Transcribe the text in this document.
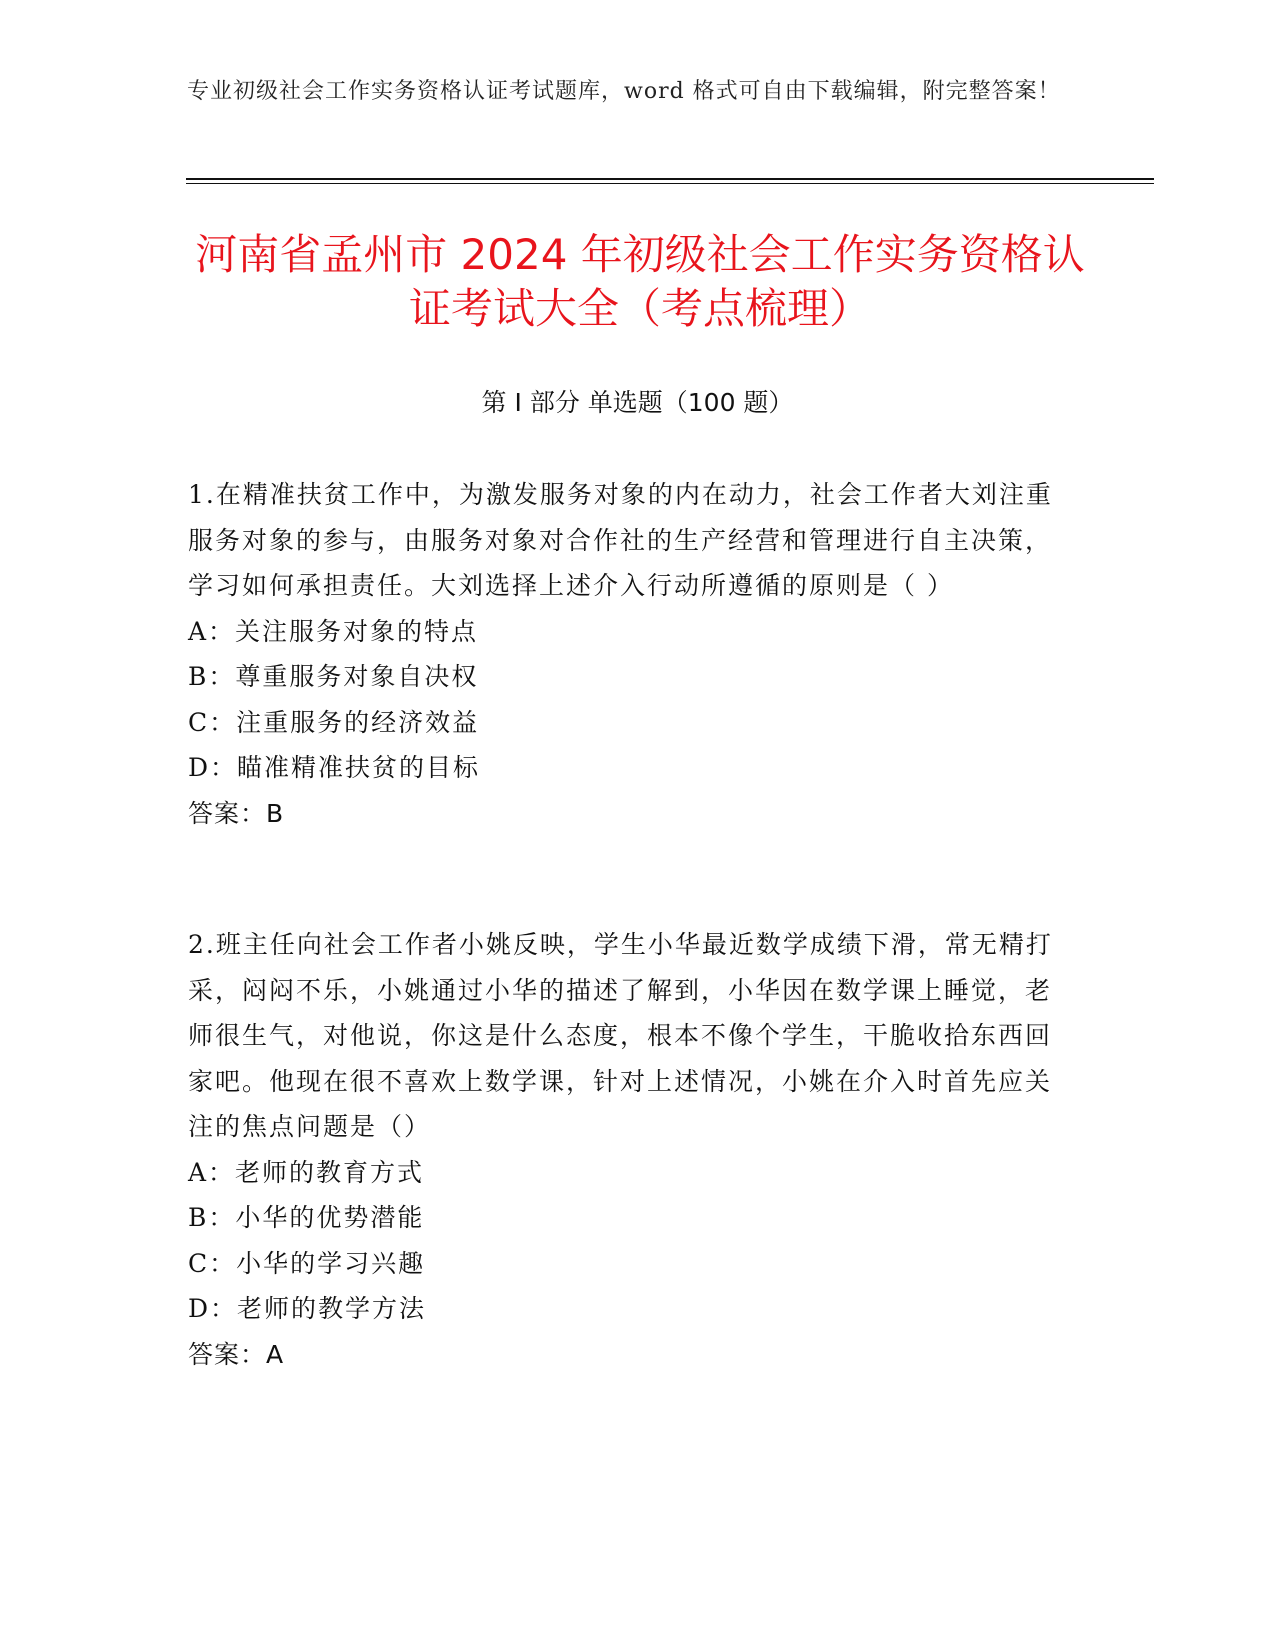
专业初级社会工作实务资格认证考试题库，word 格式可自由下载编辑，附完整答案！
河南省孟州市 2024 年初级社会工作实务资格认证考试大全（考点梳理）
第 I 部分 单选题（100 题）

1.在精准扶贫工作中，为激发服务对象的内在动力，社会工作者大刘注重服务对象的参与，由服务对象对合作社的生产经营和管理进行自主决策，学习如何承担责任。大刘选择上述介入行动所遵循的原则是（ ）

A：关注服务对象的特点

B：尊重服务对象自决权

C：注重服务的经济效益

D：瞄准精准扶贫的目标

答案：B

2.班主任向社会工作者小姚反映，学生小华最近数学成绩下滑，常无精打采，闷闷不乐，小姚通过小华的描述了解到，小华因在数学课上睡觉，老师很生气，对他说，你这是什么态度，根本不像个学生，干脆收拾东西回家吧。他现在很不喜欢上数学课，针对上述情况，小姚在介入时首先应关注的焦点问题是（）

A：老师的教育方式

B：小华的优势潜能

C：小华的学习兴趣

D：老师的教学方法

答案：A
